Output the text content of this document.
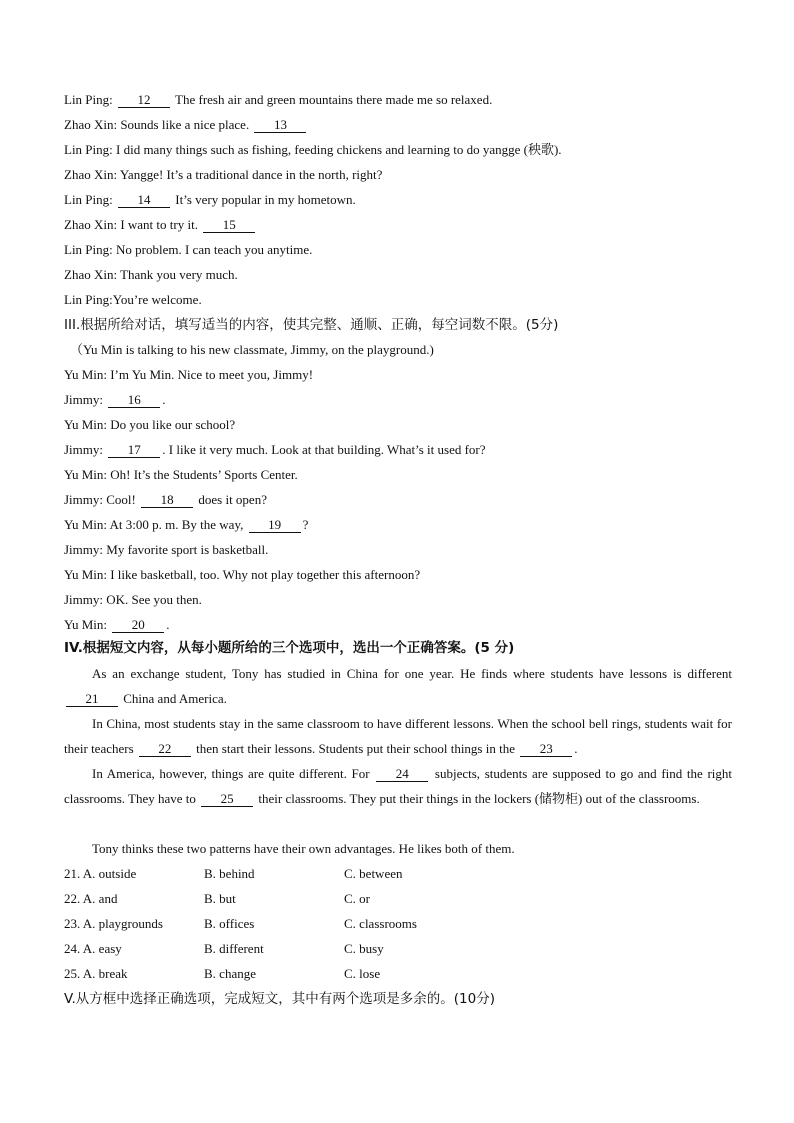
Lin Ping: 12 The fresh air and green mountains there made me so relaxed.
Zhao Xin: Sounds like a nice place. 13
Lin Ping: I did many things such as fishing, feeding chickens and learning to do yangge (秧歌).
Zhao Xin: Yangge! It’s a traditional dance in the north, right?
Lin Ping: 14 It’s very popular in my hometown.
Zhao Xin: I want to try it. 15
Lin Ping: No problem. I can teach you anytime.
Zhao Xin: Thank you very much.
Lin Ping:You’re welcome.
III.根据所给对话，填写适当的内容，使其完整、通顺、正确，每空词数不限。(5分)
（Yu Min is talking to his new classmate, Jimmy, on the playground.)
Yu Min: I’m Yu Min. Nice to meet you, Jimmy!
Jimmy: 16 .
Yu Min: Do you like our school?
Jimmy: 17 . I like it very much. Look at that building. What’s it used for?
Yu Min: Oh! It’s the Students’ Sports Center.
Jimmy: Cool! 18 does it open?
Yu Min: At 3:00 p. m. By the way, 19 ?
Jimmy: My favorite sport is basketball.
Yu Min: I like basketball, too. Why not play together this afternoon?
Jimmy: OK. See you then.
Yu Min: 20 .
IV.根据短文内容，从每小题所给的三个选项中，选出一个正确答案。(5 分)
As an exchange student, Tony has studied in China for one year. He finds where students have lessons is different 21 China and America.
In China, most students stay in the same classroom to have different lessons. When the school bell rings, students wait for their teachers 22 then start their lessons. Students put their school things in the 23 .
In America, however, things are quite different. For 24 subjects, students are supposed to go and find the right classrooms. They have to 25 their classrooms. They put their things in the lockers (储物柜) out of the classrooms.
Tony thinks these two patterns have their own advantages. He likes both of them.
21. A. outside	B. behind	C. between
22. A. and	B. but	C. or
23. A. playgrounds	B. offices	C. classrooms
24. A. easy	B. different	C. busy
25. A. break	B. change	C. lose
V.从方框中选择正确选项，完成短文，其中有两个选项是多余的。(10分)
